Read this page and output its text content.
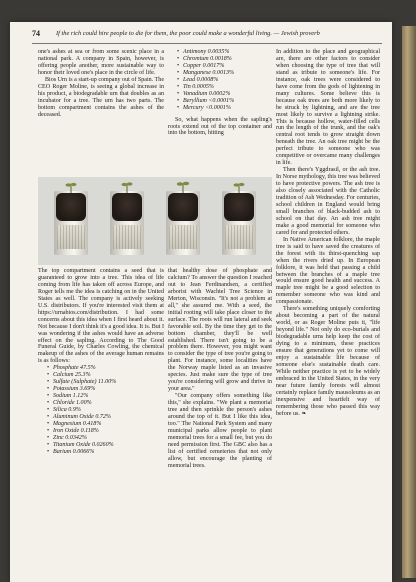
74	If the rich could hire people to die for them, the poor could make a wonderful living. — Jewish proverb

one's ashes at sea or from some scenic place in a national park. A company in Spain, however, is offering people another, more sustainable way to honor their loved one's place in the circle of life.

Bios Urn is a start-up company out of Spain. The CEO Roger Moline, is seeing a global increase in his product, a biodegradable urn that doubles as an incubator for a tree. The urn has two parts. The bottom compartment contains the ashes of the deceased.

• Antimony 0.0035%
• Chromium 0.0018%
• Copper 0.0017%
• Manganese 0.0013%
• Lead 0.0008%
• Tin 0.0005%
• Vanadium 0.0002%
• Beryllium <0.0001%
• Mercury <0.0001%

So, what happens when the sapling's roots extend out of the top container and into the bottom, hitting

In addition to the place and geographical are, there are other factors to consider when choosing the type of tree that will stand as tribute to someone's life. For instance, oak trees were considered to have come from the gods of lightening in many cultures. Some believe this is because oak trees are both more likely to be struck by lightning, and are the tree most likely to survive a lightning strike. This is because hollow, water-filled cells run the length of the trunk, and the oak's central root tends to grow straight down beneath the tree. An oak tree might be the perfect tribute to someone who was competitive or overcame many challenges in life.

Then there's Yggdrasil, or the ash tree. In Norse mythology, this tree was believed to have protective powers. The ash tree is also closely associated with the Catholic tradition of Ash Wednesday. For centuries, school children in England would bring small branches of black-budded ash to school on that day. An ash tree might make a good memorial for someone who cared for and protected others.

In Native American folklore, the maple tree is said to have saved the creatures of the forest with its thirst-quenching sap when the rivers dried up. In European folklore, it was held that passing a child between the branches of a maple tree would ensure good health and success. A maple tree might be a good selection to remember someone who was kind and compassionate.

There's something uniquely comforting about becoming a part of the natural world, or as Roger Moline puts it, "life beyond life." Not only do eco-burials and biodegradable urns help keep the cost of dying to a minimum, these practices ensure that generations yet to come will enjoy a sustainable life because of someone else's sustainable death care. While neither practice is yet to be widely embraced in the United States, in the very near future family forests will almost certainly replace family mausoleums as an inexpensive and heartfelt way of remembering those who passed this way before us. ❧

The top compartment contains a seed that is guaranteed to grow into a tree. This idea of life coming from life has taken off across Europe, and Roger tells me the idea is catching on in the United States as well. The company is actively seeking U.S. distributors. If you're interested visit them at https://urnabios.com/distribution. I had some concerns about this idea when I first heard about it. Not because I don't think it's a good idea. It is. But I was wondering if the ashes would have an adverse effect on the sapling. According to The Good Funeral Guide, by Charles Cowling, the chemical makeup of the ashes of the average human remains is as follows:

• Phosphate 47.5%
• Calcium 25.3%
• Sulfate (Sulphate) 11.00%
• Potassium 3.69%
• Sodium 1.12%
• Chloride 1.00%
• Silica 0.9%
• Aluminum Oxide 0.72%
• Magnesium 0.418%
• Iron Oxide 0.118%
• Zinc 0.0342%
• Titanium Oxide 0.0260%
• Barium 0.0066%

that healthy dose of phosphate and calcium? To answer the question I reached out to Jean Ferdinandsen, a certified arborist with Wachtel Tree Science in Merton, Wisconsin. "It's not a problem at all," she assured me. With a seed, the initial rooting will take place closer to the surface. The roots will run lateral and seek favorable soil. By the time they get to the bottom chamber, they'll be well established. There isn't going to be a problem there. However, you might want to consider the type of tree you're going to plant. For instance, some localities have the Norway maple listed as an invasive species. Just make sure the type of tree you're considering will grow and thrive in your area."

"Our company offers something like this," she explains. "We plant a memorial tree and then sprinkle the person's ashes around the top of it. But I like this idea, too." The National Park System and many municipal parks allow people to plant memorial trees for a small fee, but you do need permission first. The GBC also has a list of certified cemeteries that not only allow, but encourage the planting of memorial trees.
